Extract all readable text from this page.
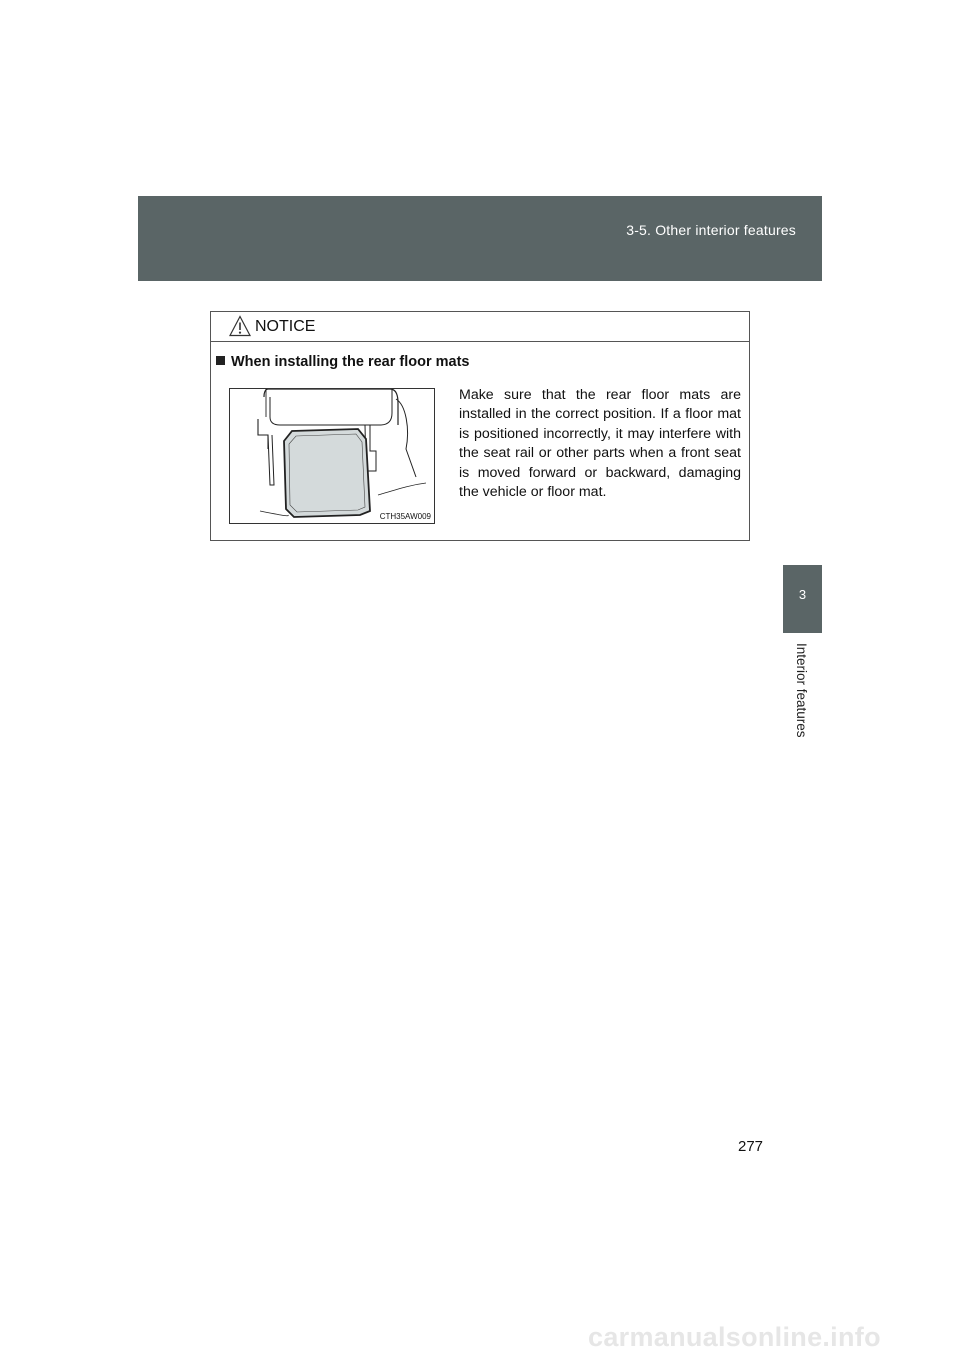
3-5. Other interior features
3
Interior features
NOTICE
When installing the rear floor mats
CTH35AW009
Make sure that the rear floor mats are installed in the correct position. If a floor mat is positioned incorrectly, it may interfere with the seat rail or other parts when a front seat is moved forward or backward, damaging the vehicle or floor mat.
277
carmanualsonline.info
